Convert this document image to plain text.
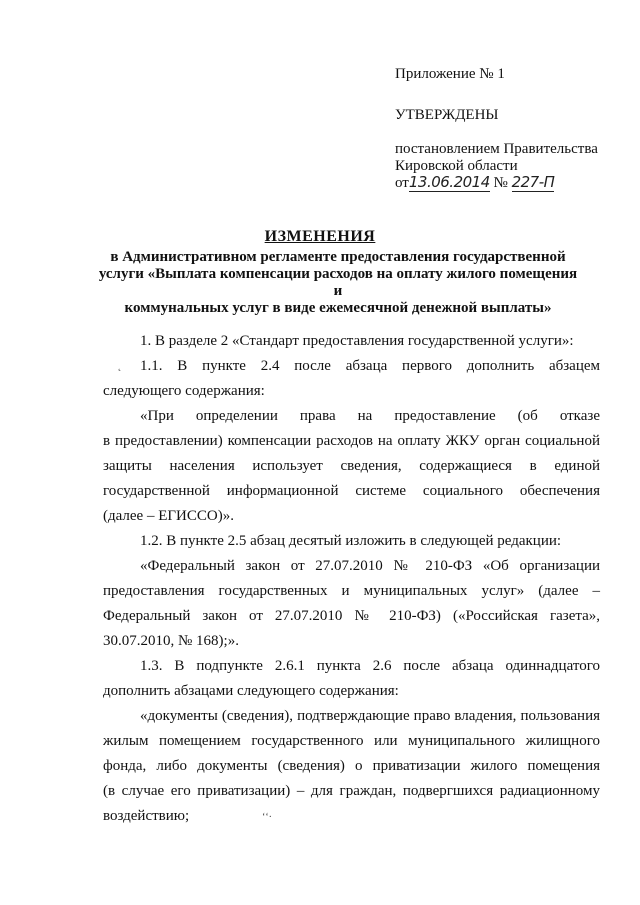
Приложение № 1
УТВЕРЖДЕНЫ
постановлением Правительства
Кировской области
от13.06.2014 № 227-П
ИЗМЕНЕНИЯ
в Административном регламенте предоставления государственной
услуги «Выплата компенсации расходов на оплату жилого помещения и
коммунальных услуг в виде ежемесячной денежной выплаты»
1. В разделе 2 «Стандарт предоставления государственной услуги»:
1.1. В пункте 2.4 после абзаца первого дополнить абзацем
следующего содержания:
«При определении права на предоставление (об отказе
в предоставлении) компенсации расходов на оплату ЖКУ орган социальной
защиты населения использует сведения, содержащиеся в единой
государственной информационной системе социального обеспечения
(далее – ЕГИССО)».
1.2. В пункте 2.5 абзац десятый изложить в следующей редакции:
«Федеральный закон от 27.07.2010 № 210-ФЗ «Об организации
предоставления государственных и муниципальных услуг» (далее –
Федеральный закон от 27.07.2010 № 210-ФЗ) («Российская газета»,
30.07.2010, № 168);».
1.3. В подпункте 2.6.1 пункта 2.6 после абзаца одиннадцатого
дополнить абзацами следующего содержания:
«документы (сведения), подтверждающие право владения, пользования
жилым помещением государственного или муниципального жилищного
фонда, либо документы (сведения) о приватизации жилого помещения
(в случае его приватизации) – для граждан, подвергшихся радиационному
воздействию;
˛
ʻʻ·
